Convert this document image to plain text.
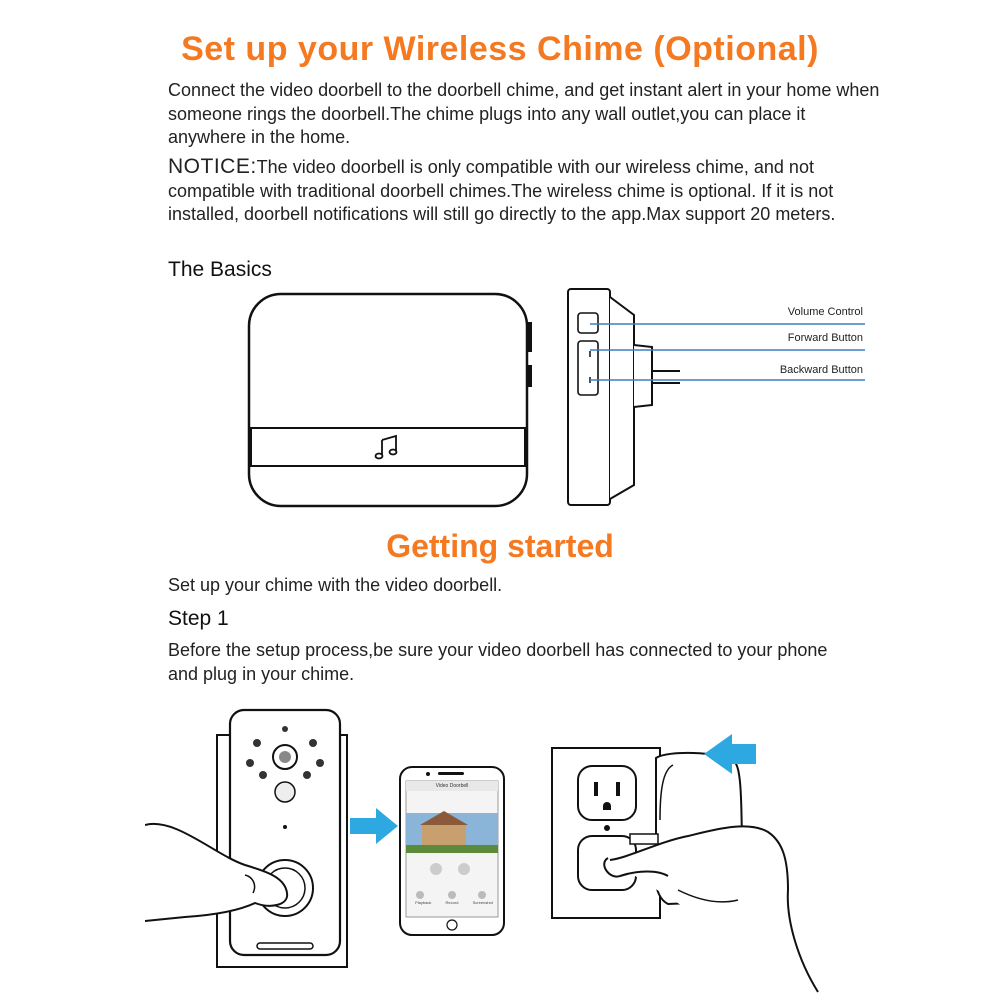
Set up your Wireless Chime (Optional)
Connect the video doorbell to the doorbell chime, and get instant alert in your home when someone rings the doorbell.The chime plugs into any wall outlet,you can place it anywhere in the home.
NOTICE:The video doorbell is only compatible with our wireless chime, and not compatible with traditional doorbell chimes.The wireless chime is optional. If it is not installed, doorbell notifications will still go directly to the app.Max support 20 meters.
The Basics
Volume Control
Forward Button
Backward Button
Getting started
Set up your chime with the video doorbell.
Step 1
Before the setup process,be sure your video doorbell has connected to your phone and plug in your chime.
Video Doorbell
Playback	Record	Screenshot
